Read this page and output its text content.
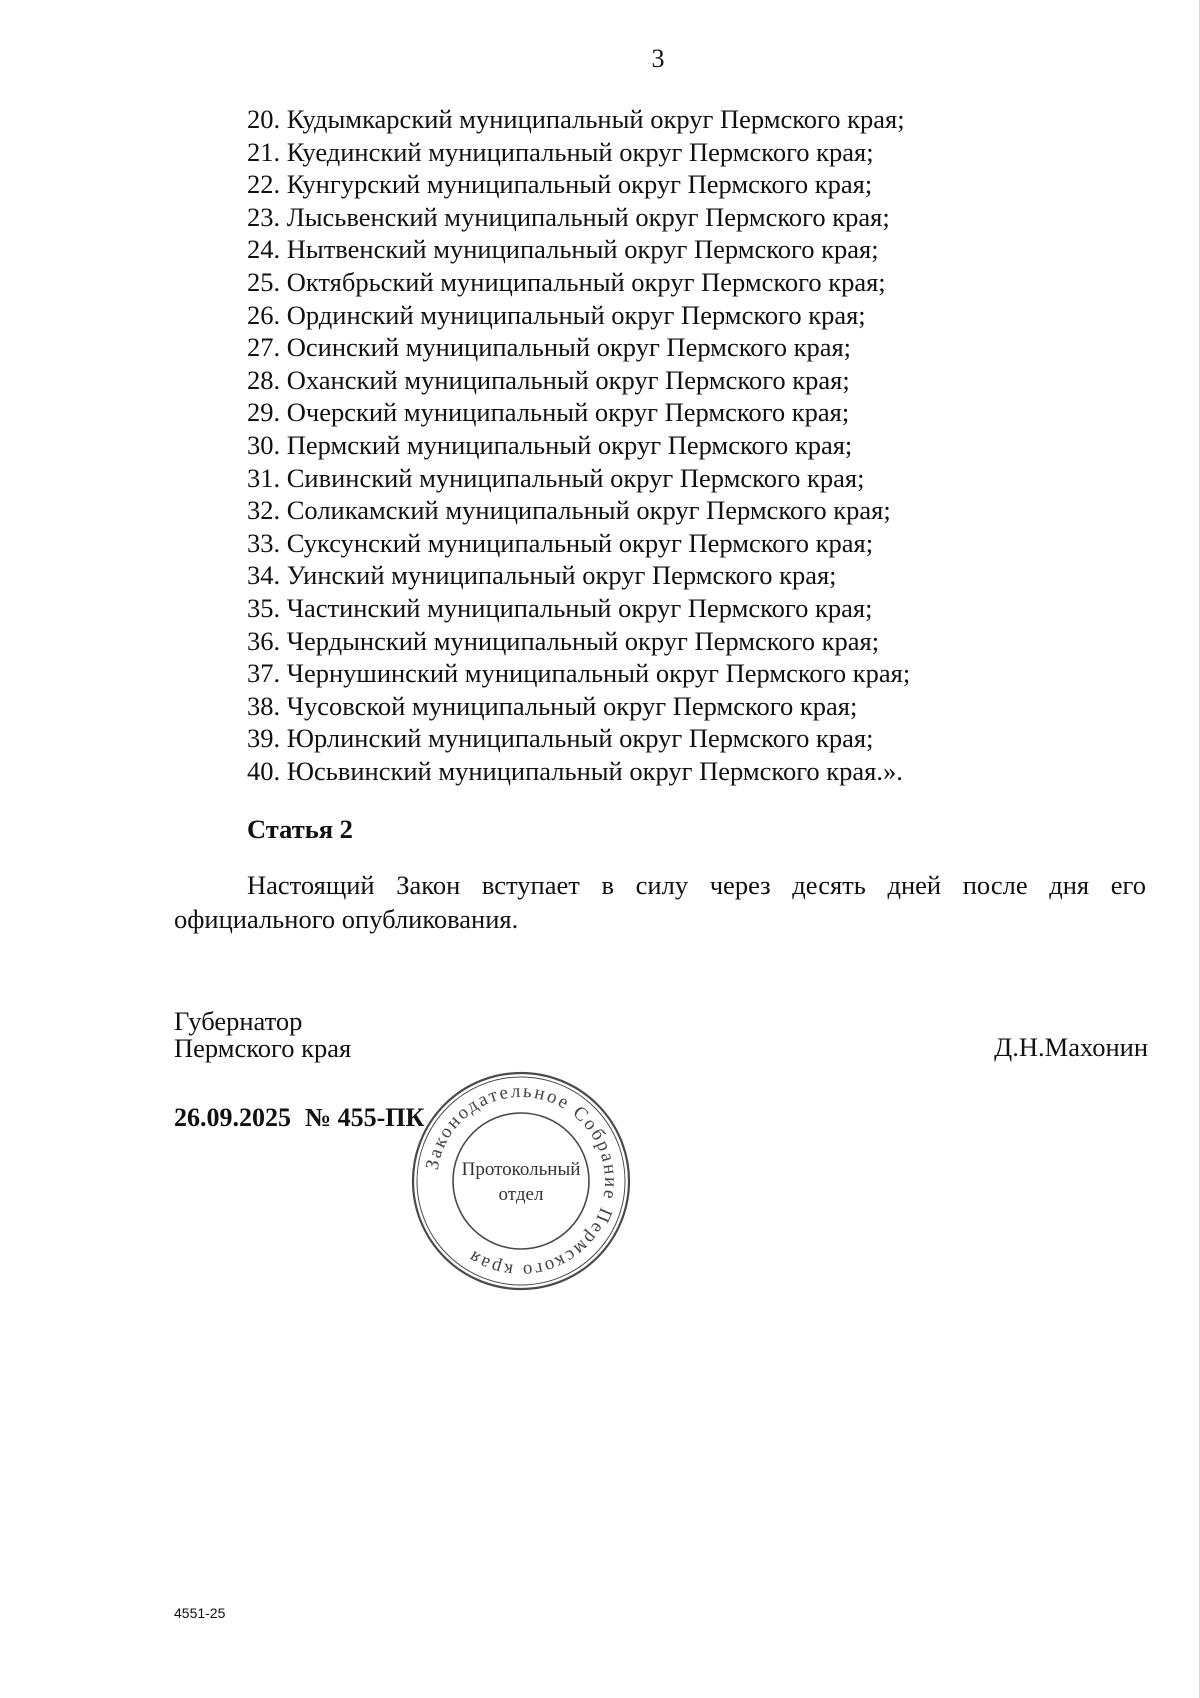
3
20. Кудымкарский муниципальный округ Пермского края;
21. Куединский муниципальный округ Пермского края;
22. Кунгурский муниципальный округ Пермского края;
23. Лысьвенский муниципальный округ Пермского края;
24. Нытвенский муниципальный округ Пермского края;
25. Октябрьский муниципальный округ Пермского края;
26. Ординский муниципальный округ Пермского края;
27. Осинский муниципальный округ Пермского края;
28. Оханский муниципальный округ Пермского края;
29. Очерский муниципальный округ Пермского края;
30. Пермский муниципальный округ Пермского края;
31. Сивинский муниципальный округ Пермского края;
32. Соликамский муниципальный округ Пермского края;
33. Суксунский муниципальный округ Пермского края;
34. Уинский муниципальный округ Пермского края;
35. Частинский муниципальный округ Пермского края;
36. Чердынский муниципальный округ Пермского края;
37. Чернушинский муниципальный округ Пермского края;
38. Чусовской муниципальный округ Пермского края;
39. Юрлинский муниципальный округ Пермского края;
40. Юсьвинский муниципальный округ Пермского края.».
Статья 2
Настоящий Закон вступает в силу через десять дней после дня его официального опубликования.
Губернатор
Пермского края	Д.Н.Махонин
26.09.2025 № 455-ПК
Законодательное Собрание Пермского края
Протокольный
отдел
4551-25
